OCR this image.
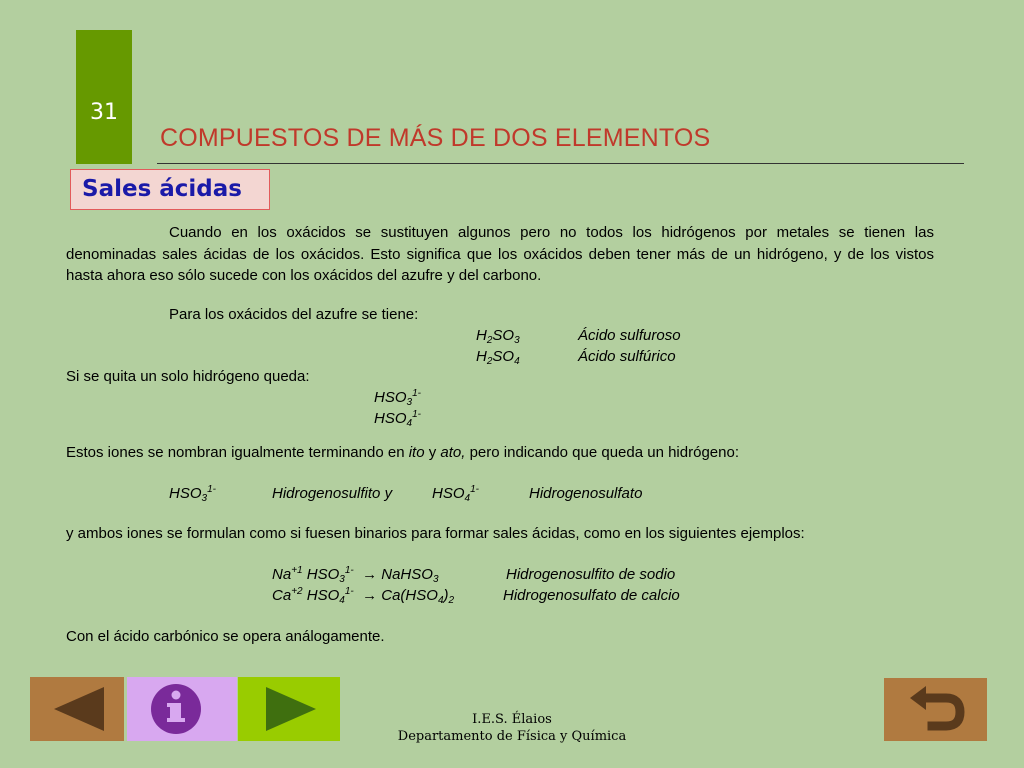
31
COMPUESTOS DE MÁS DE DOS ELEMENTOS
Sales ácidas
Cuando en los oxácidos se sustituyen algunos pero no todos los hidrógenos por metales se tienen las denominadas sales ácidas de los oxácidos. Esto significa que los oxácidos deben tener más de un hidrógeno, y de los vistos hasta ahora eso sólo sucede con los oxácidos del azufre y del carbono.
Para los oxácidos del azufre se tiene:
$H_2SO_3$	Ácido sulfuroso
$H_2SO_4$	Ácido sulfúrico
Si se quita un solo hidrógeno queda:
$HSO_3^{1-}$
$HSO_4^{1-}$
Estos iones se nombran igualmente terminando en ito y ato, pero indicando que queda un hidrógeno:
$HSO_3^{1-}$	Hidrogenosulfito y	$HSO_4^{1-}$	Hidrogenosulfato
y ambos iones se formulan como si fuesen binarios para formar sales ácidas, como en los siguientes ejemplos:
$Na^{+1}$ $HSO_3^{1-}$ → NaHSO$_3$	Hidrogenosulfito de sodio
$Ca^{+2}$ $HSO_4^{1-} \to Ca(HSO_4)_2$	Hidrogenosulfato de calcio
Con el ácido carbónico se opera análogamente.
I.E.S. Élaios
Departamento de Física y Química
